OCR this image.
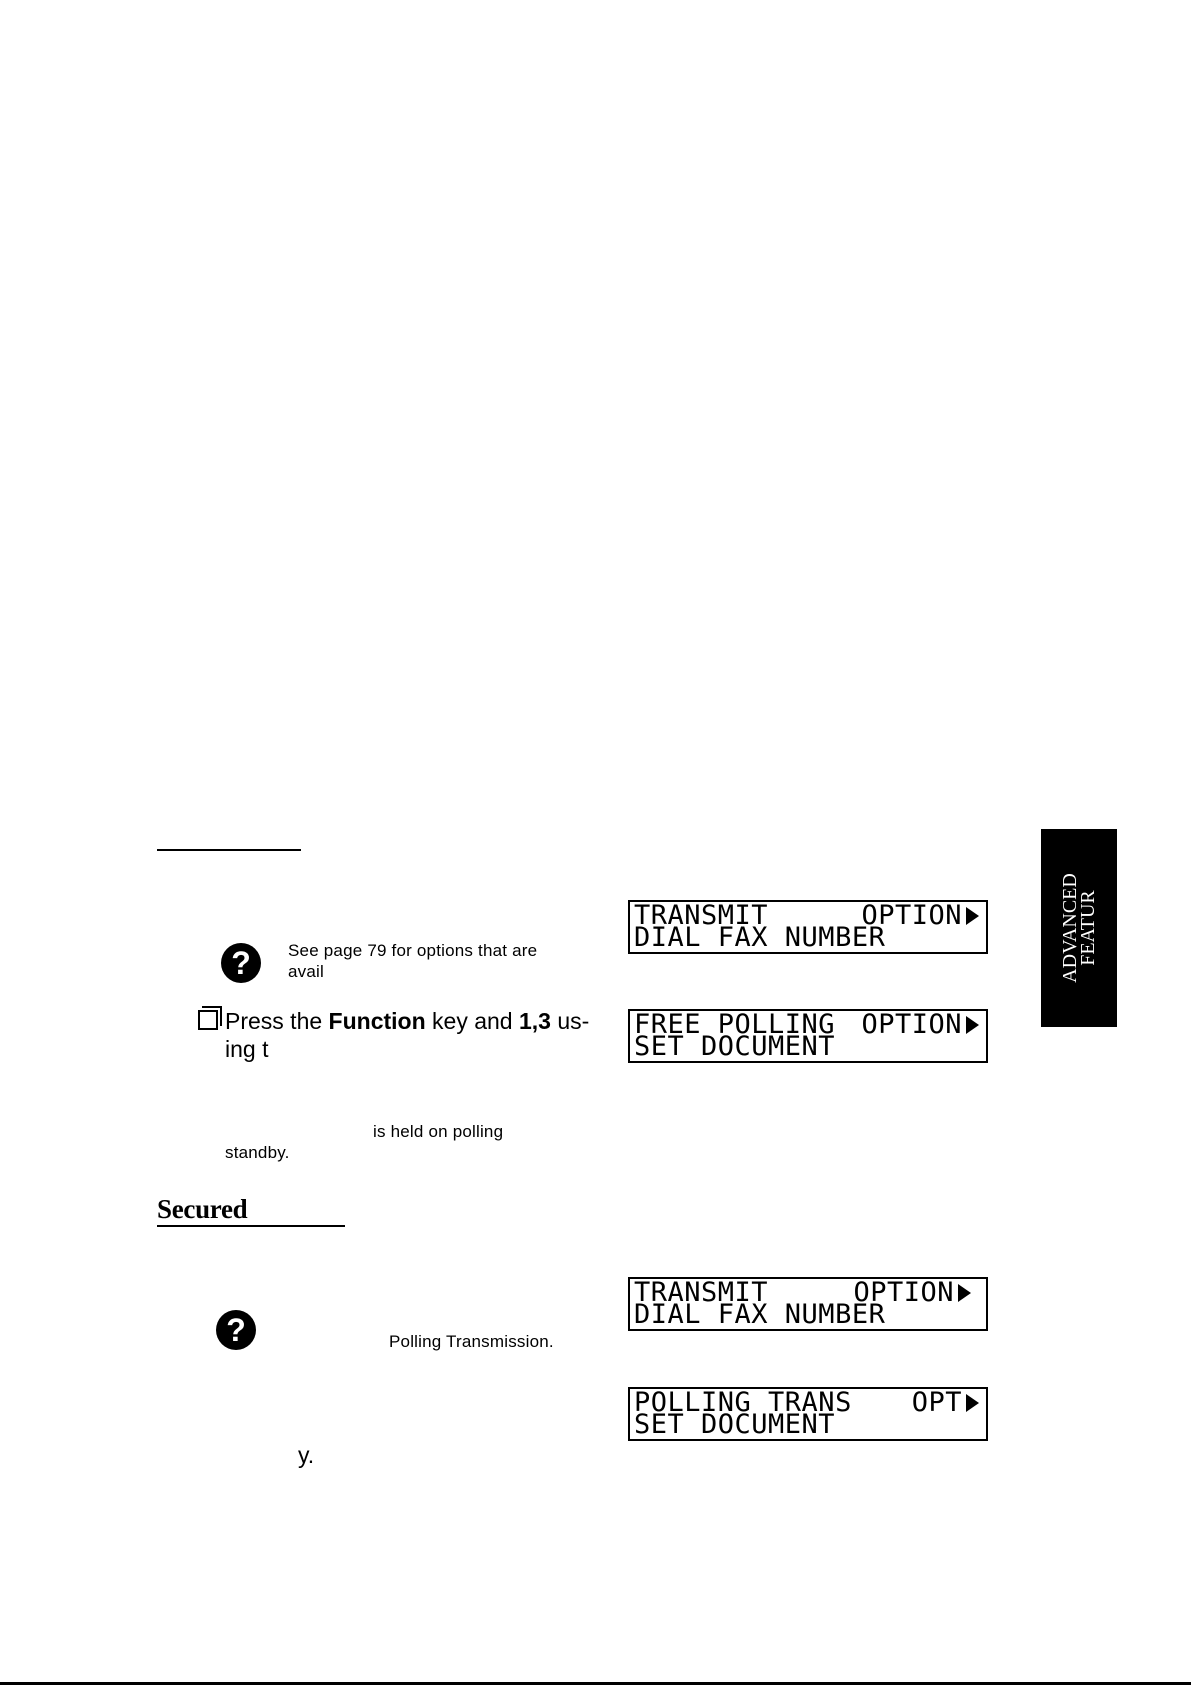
? See page 79 for options that are
avail
Press the Function key and 1,3 us-
ing t
is held on polling
standby.
Secured
?	Polling Transmission.
y.
TRANSMIT	OPTION
DIAL FAX NUMBER
FREE POLLING OPTION
SET DOCUMENT
TRANSMIT	OPTION
DIAL FAX NUMBER
POLLING TRANS OPT
SET DOCUMENT
ADVANCED
FEATUR
